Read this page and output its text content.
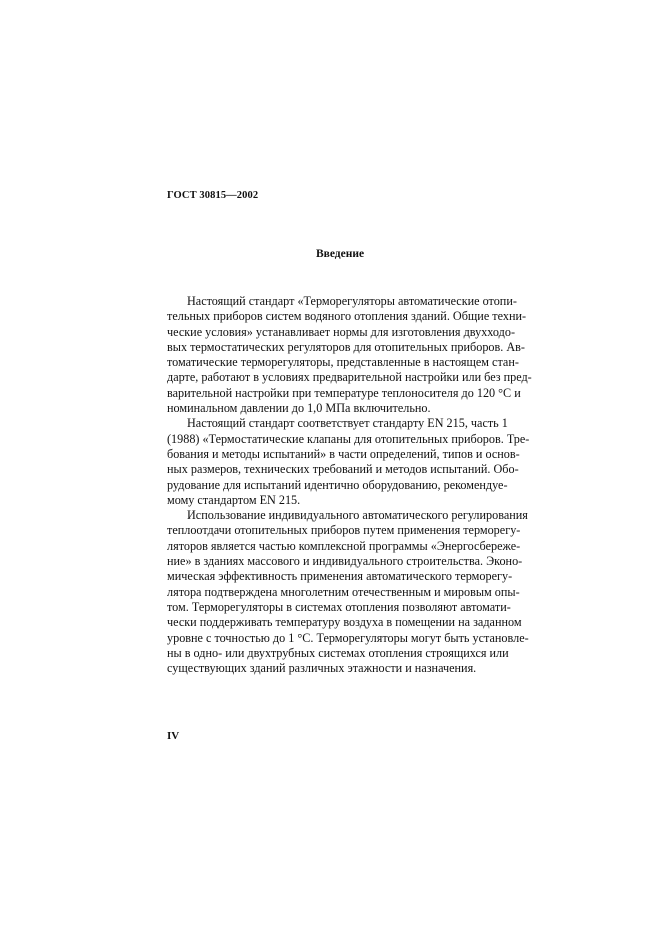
ГОСТ 30815—2002
Введение

Настоящий стандарт «Терморегуляторы автоматические отопи-
тельных приборов систем водяного отопления зданий. Общие техни-
ческие условия» устанавливает нормы для изготовления двухходо-
вых термостатических регуляторов для отопительных приборов. Ав-
томатические терморегуляторы, представленные в настоящем стан-
дарте, работают в условиях предварительной настройки или без пред-
варительной настройки при температуре теплоносителя до 120 °С и
номинальном давлении до 1,0 МПа включительно.

Настоящий стандарт соответствует стандарту EN 215, часть 1
(1988) «Термостатические клапаны для отопительных приборов. Тре-
бования и методы испытаний» в части определений, типов и основ-
ных размеров, технических требований и методов испытаний. Обо-
рудование для испытаний идентично оборудованию, рекомендуе-
мому стандартом EN 215.

Использование индивидуального автоматического регулирования
теплоотдачи отопительных приборов путем применения терморегу-
ляторов является частью комплексной программы «Энергосбереже-
ние» в зданиях массового и индивидуального строительства. Эконо-
мическая эффективность применения автоматического терморегу-
лятора подтверждена многолетним отечественным и мировым опы-
том. Терморегуляторы в системах отопления позволяют автомати-
чески поддерживать температуру воздуха в помещении на заданном
уровне с точностью до 1 °С. Терморегуляторы могут быть установле-
ны в одно- или двухтрубных системах отопления строящихся или
существующих зданий различных этажности и назначения.

IV
